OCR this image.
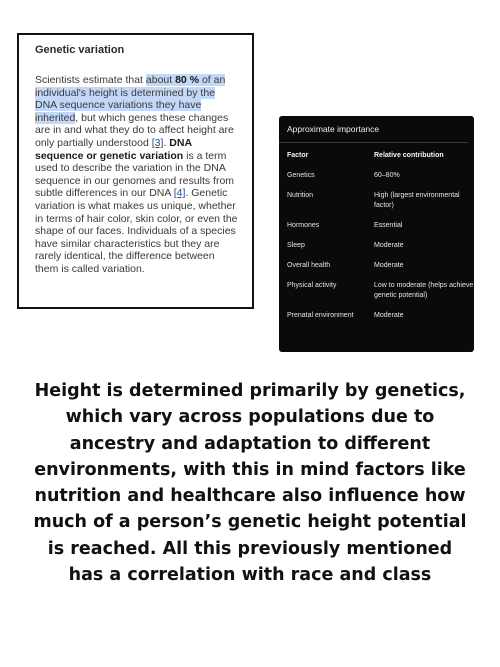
Genetic variation

Scientists estimate that about 80 % of an individual's height is determined by the DNA sequence variations they have inherited, but which genes these changes are in and what they do to affect height are only partially understood [3]. DNA sequence or genetic variation is a term used to describe the variation in the DNA sequence in our genomes and results from subtle differences in our DNA [4]. Genetic variation is what makes us unique, whether in terms of hair color, skin color, or even the shape of our faces. Individuals of a species have similar characteristics but they are rarely identical, the difference between them is called variation.

Approximate importance

Factor	Relative contribution
Genetics	60–80%
Nutrition	High (largest environmental factor)
Hormones	Essential
Sleep	Moderate
Overall health	Moderate
Physical activity	Low to moderate (helps achieve genetic potential)
Prenatal environment	Moderate
Height is determined primarily by genetics, which vary across populations due to ancestry and adaptation to different environments, with this in mind factors like nutrition and healthcare also influence how much of a person’s genetic height potential is reached. All this previously mentioned has a correlation with race and class
